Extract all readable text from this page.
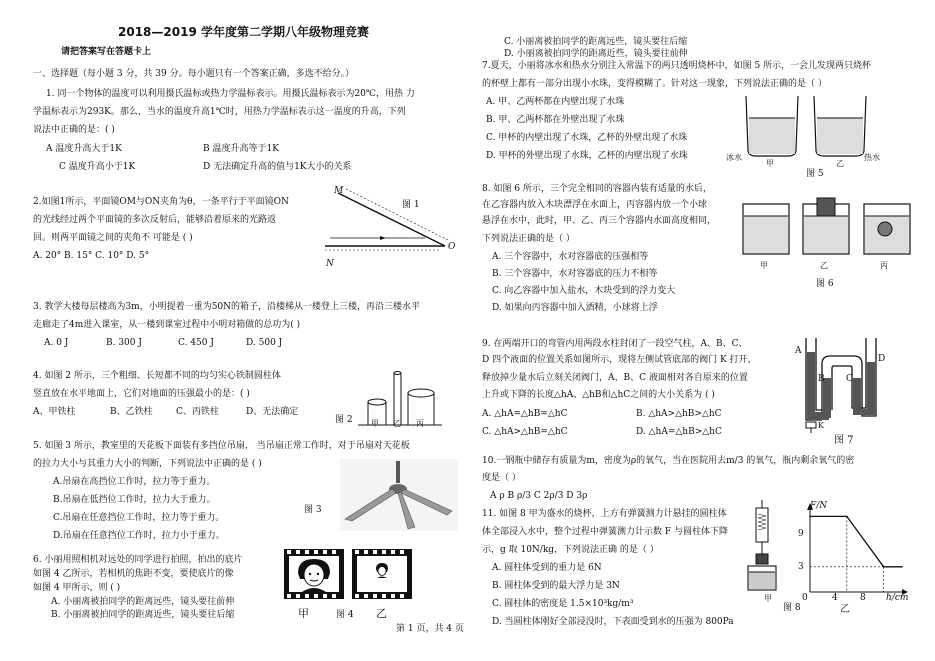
2018—2019 学年度第二学期八年级物理竞赛
请把答案写在答题卡上
一、选择题（每小题 3 分，共 39 分。每小题只有一个答案正确，多选不给分。）
1. 同一个物体的温度可以利用摄氏温标或热力学温标表示。用摄氏温标表示为20℃，用热 力
学温标表示为293K。那么，当水的温度升高1℃时，用热力学温标表示这一温度的升高，下列
说法中正确的是：( )
A 温度升高大于1K	B 温度升高等于1K
C 温度升高小于1K	D 无法确定升高的值与1K大小的关系
2.如图1所示，平面镜OM与ON夹角为θ，一条平行于平面镜ON
的光线经过两个平面镜的多次反射后，能够沿着原来的光路返
回。则两平面镜之间的夹角不 可能是 ( )
A. 20° B. 15° C. 10° D. 5°
M
图 1
N
O
3. 教学大楼每层楼高为3m，小明提着一重为50N的箱子，沿楼梯从一楼登上三楼，再沿三楼水平
走廊走了4m进入课室，从一楼到课室过程中小明对箱做的总功为( )
A. 0 J	B. 300 J	C. 450 J	D. 500 J
4. 如图 2 所示，三个粗细、长短都不同的均匀实心铁制圆柱体
竖直放在水平地面上，它们对地面的压强最小的是：( )
A、甲铁柱	B、乙铁柱	C、丙铁柱	D、无法确定
图 2 甲 乙 丙
5. 如图 3 所示，教室里的天花板下面装有多挡位吊扇， 当吊扇正常工作时，对于吊扇对天花板
的拉力大小与其重力大小的判断，下列说法中正确的是 ( )
A.吊扇在高挡位工作时，拉力等于重力。
B.吊扇在低挡位工作时，拉力大于重力。
C.吊扇在任意挡位工作时，拉力等于重力。
D.吊扇在任意挡位工作时，拉力小于重力。
图 3
6. 小丽用照相机对远处的同学进行拍照，拍出的底片
如图 4 乙所示，若相机的焦距不变，要使底片的像
如图 4 甲所示，则 ( )
A. 小丽离被拍同学的距离远些，镜头要往前伸
B. 小丽离被拍同学的距离近些，镜头要往后缩
C. 小丽离被拍同学的距离远些，镜头要往后缩
D. 小丽离被拍同学的距离近些，镜头要往前伸
甲	图 4 乙
7.夏天，小丽将冰水和热水分别注入常温下的两只透明烧杯中，如图 5 所示，一会儿发现两只烧杯
的杯壁上都有一部分出现小水珠，变得模糊了。针对这一现象，下列说法正确的是（ ）
A. 甲、乙两杯都在内壁出现了水珠
B. 甲、乙两杯都在外壁出现了水珠
C. 甲杯的内壁出现了水珠，乙杯的外壁出现了水珠
D. 甲杯的外壁出现了水珠，乙杯的内壁出现了水珠	冰水
甲	乙
热水
图 5
8. 如图 6 所示，三个完全相同的容器内装有适量的水后，
在乙容器内放入木块漂浮在水面上，丙容器内放一个小球
悬浮在水中，此时，甲、乙、丙三个容器内水面高度相同，
下列说法正确的是（ ）
A. 三个容器中，水对容器底的压强相等
B. 三个容器中，水对容器底的压力不相等
C. 向乙容器中加入盐水，木块受到的浮力变大
D. 如果向丙容器中加入酒精，小球将上浮
甲	乙	丙
图 6
9. 在两端开口的弯管内用两段水柱封闭了一段空气柱，A、B、C、
D 四个液面的位置关系如图所示，现将左侧试管底部的阀门 K 打开，
释放掉少量水后立刻关闭阀门，A、B、C 液面相对各自原来的位置
上升或下降的长度△hA、△hB和△hC之间的大小关系为 ( )
A. △hA=△hB=△hC	B. △hA>△hB>△hC
C. △hA>△hB=△hC	D. △hA=△hB>△hC
A
B C
D
K
图 7
10.一钢瓶中储存有质量为m，密度为ρ的氧气，当在医院用去m/3 的氧气，瓶内剩余氧气的密
度是（ ）
A ρ B ρ/3 C 2ρ/3 D 3ρ
11. 如图 8 甲为盛水的烧杯，上方有弹簧测力计悬挂的圆柱体
体全部浸入水中，整个过程中弹簧测力计示数 F 与圆柱体下降
示，g 取 10N/kg，下列说法正确 的是（ ）
A. 圆柱体受到的重力是 6N
B. 圆柱体受到的最大浮力是 3N
C. 圆柱体的密度是 1.5×10³kg/m³
D. 当圆柱体刚好全部浸没时，下表面受到水的压强为 800Pa
甲
图 8
F/N
9
3
0	4 8 h/cm
乙
第 1 页，共 4 页
